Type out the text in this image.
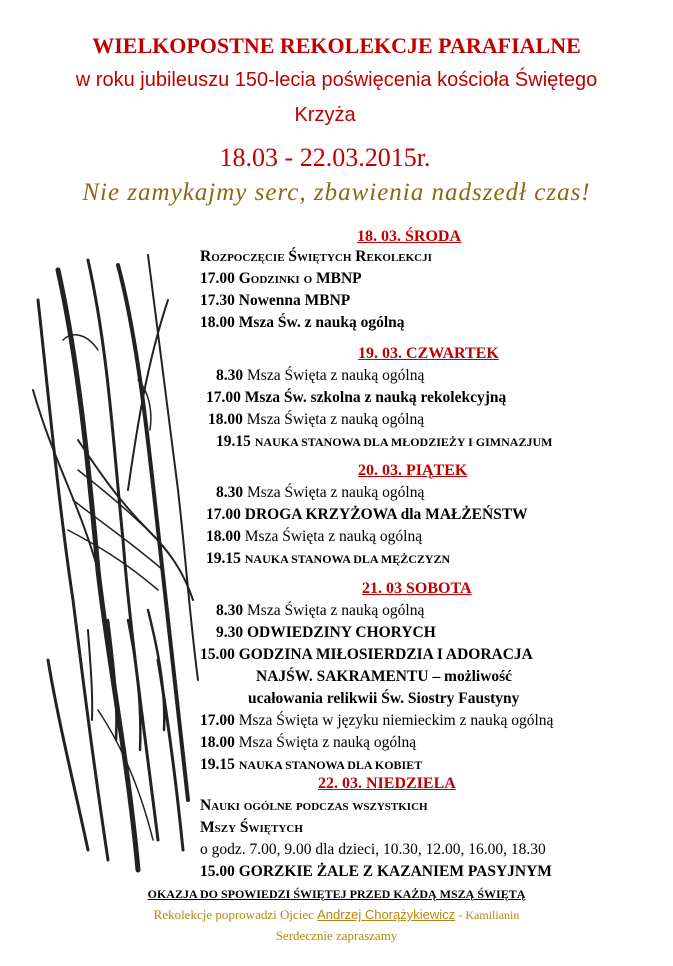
WIELKOPOSTNE REKOLEKCJE PARAFIALNE
w roku jubileuszu 150-lecia poświęcenia kościoła Świętego
Krzyża
18.03 - 22.03.2015r.
Nie zamykajmy serc, zbawienia nadszedł czas!
18. 03. ŚRODA
Rozpoczęcie Świętych Rekolekcji
17.00 Godzinki o MBNP
17.30 Nowenna MBNP
18.00 Msza Św. z nauką ogólną
19. 03. CZWARTEK
8.30 Msza Święta z nauką ogólną
17.00 Msza Św. szkolna z nauką rekolekcyjną
18.00 Msza Święta z nauką ogólną
19.15 NAUKA STANOWA DLA MŁODZIEŻY I GIMNAZJUM
20. 03. PIĄTEK
8.30 Msza Święta z nauką ogólną
17.00 DROGA KRZYŻOWA dla MAŁŻEŃSTW
18.00 Msza Święta z nauką ogólną
19.15 NAUKA STANOWA DLA MĘŻCZYZN
21. 03 SOBOTA
8.30 Msza Święta z nauką ogólną
9.30 ODWIEDZINY CHORYCH
15.00 GODZINA MIŁOSIERDZIA I ADORACJA
NAJŚW. SAKRAMENTU – możliwość
ucałowania relikwii Św. Siostry Faustyny
17.00 Msza Święta w języku niemieckim z nauką ogólną
18.00 Msza Święta z nauką ogólną
19.15 NAUKA STANOWA DLA KOBIET
22. 03. NIEDZIELA
Nauki ogólne podczas wszystkich
Mszy Świętych
o godz. 7.00, 9.00 dla dzieci, 10.30, 12.00, 16.00, 18.30
15.00 GORZKIE ŻALE Z KAZANIEM PASYJNYM
OKAZJA DO SPOWIEDZI ŚWIĘTEJ PRZED KAŻDĄ MSZĄ ŚWIĘTĄ
Rekolekcje poprowadzi Ojciec Andrzej Chorążykiewicz - Kamilianin
Serdecznie zapraszamy
